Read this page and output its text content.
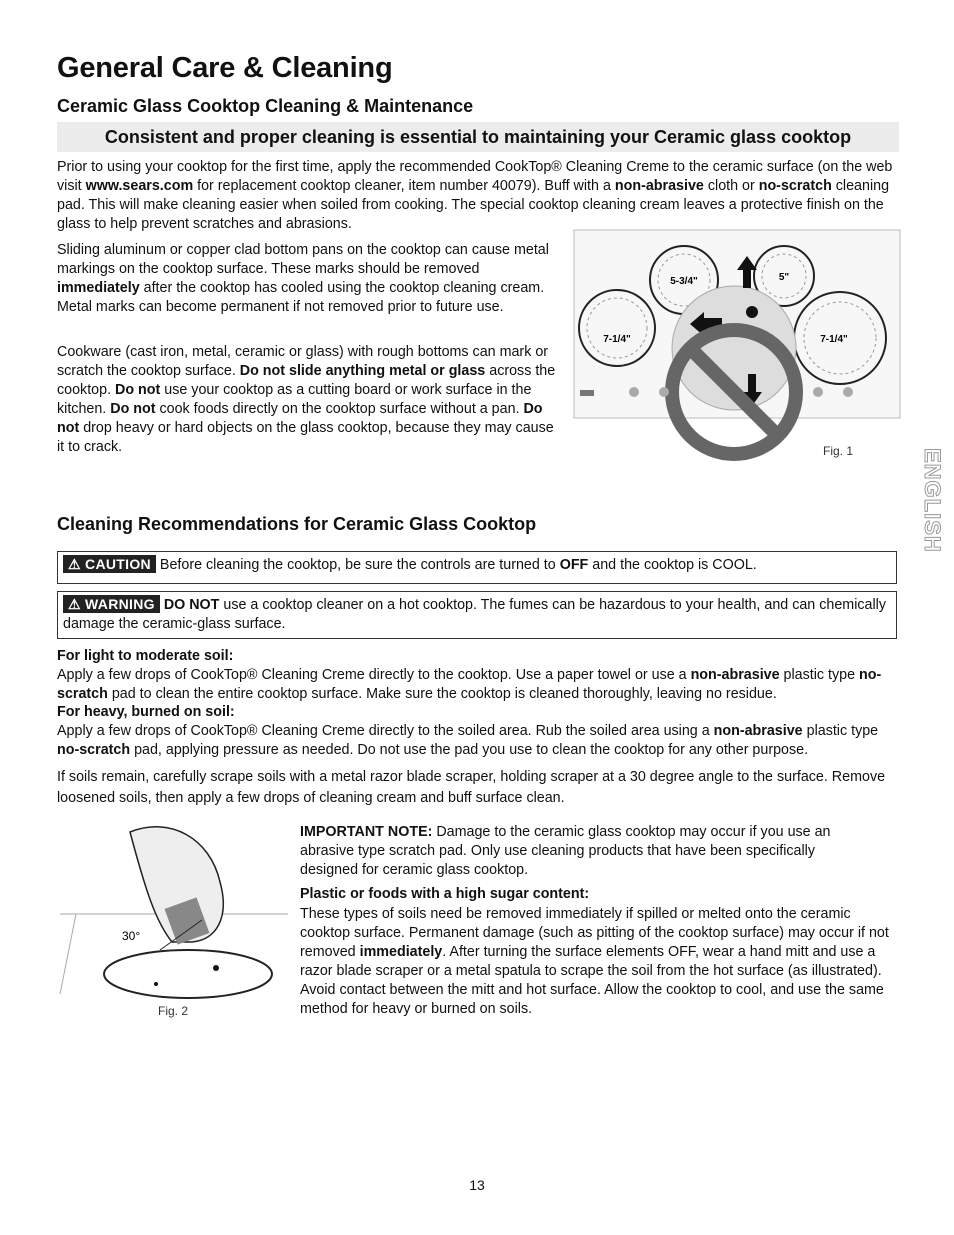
General Care & Cleaning
Ceramic Glass Cooktop Cleaning & Maintenance
Consistent and proper cleaning is essential to maintaining your Ceramic glass cooktop

Prior to using your cooktop for the first time, apply the recommended CookTop® Cleaning Creme to the ceramic surface (on the web visit www.sears.com for replacement cooktop cleaner, item number 40079). Buff with a non-abrasive cloth or no-scratch cleaning pad. This will make cleaning easier when soiled from cooking. The special cooktop cleaning cream leaves a protective finish on the glass to help prevent scratches and abrasions.

Sliding aluminum or copper clad bottom pans on the cooktop can cause metal markings on the cooktop surface. These marks should be removed immediately after the cooktop has cooled using the cooktop cleaning cream. Metal marks can become permanent if not removed prior to future use.

Cookware (cast iron, metal, ceramic or glass) with rough bottoms can mark or scratch the cooktop surface. Do not slide anything metal or glass across the cooktop. Do not use your cooktop as a cutting board or work surface in the kitchen. Do not cook foods directly on the cooktop surface without a pan. Do not drop heavy or hard objects on the glass cooktop, because they may cause it to crack.

5-3/4"	5"
7-1/4"	7-1/4"
Fig. 1	ENGLISH
Cleaning Recommendations for Ceramic Glass Cooktop
⚠ CAUTION Before cleaning the cooktop, be sure the controls are turned to OFF and the cooktop is COOL.
⚠ WARNING DO NOT use a cooktop cleaner on a hot cooktop. The fumes can be hazardous to your health, and can chemically damage the ceramic-glass surface.
For light to moderate soil:

Apply a few drops of CookTop® Cleaning Creme directly to the cooktop. Use a paper towel or use a non-abrasive plastic type no-scratch pad to clean the entire cooktop surface. Make sure the cooktop is cleaned thoroughly, leaving no residue.

For heavy, burned on soil:

Apply a few drops of CookTop® Cleaning Creme directly to the soiled area. Rub the soiled area using a non-abrasive plastic type no-scratch pad, applying pressure as needed. Do not use the pad you use to clean the cooktop for any other purpose.

If soils remain, carefully scrape soils with a metal razor blade scraper, holding scraper at a 30 degree angle to the surface. Remove loosened soils, then apply a few drops of cleaning cream and buff surface clean.

30°
Fig. 2

IMPORTANT NOTE: Damage to the ceramic glass cooktop may occur if you use an abrasive type scratch pad. Only use cleaning products that have been specifically designed for ceramic glass cooktop.

Plastic or foods with a high sugar content:

These types of soils need be removed immediately if spilled or melted onto the ceramic cooktop surface. Permanent damage (such as pitting of the cooktop surface) may occur if not removed immediately. After turning the surface elements OFF, wear a hand mitt and use a razor blade scraper or a metal spatula to scrape the soil from the hot surface (as illustrated). Avoid contact between the mitt and hot surface. Allow the cooktop to cool, and use the same method for heavy or burned on soils.

13
